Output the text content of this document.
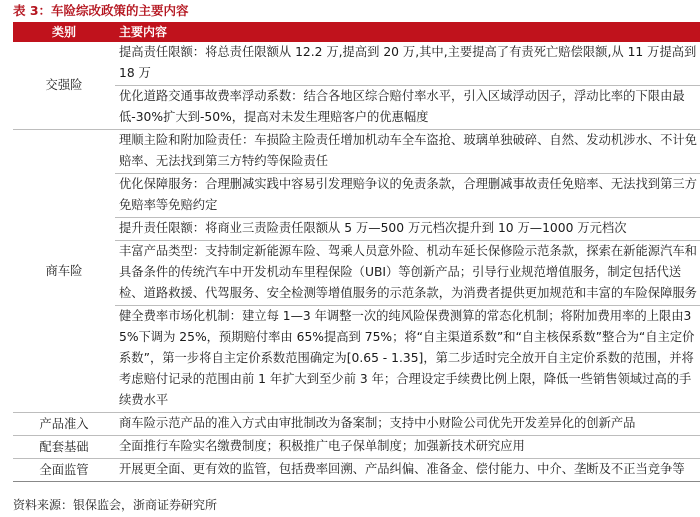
表 3：车险综改政策的主要内容
类别	主要内容
交强险	提高责任限额：将总责任限额从 12.2 万,提高到 20 万,其中,主要提高了有责死亡赔偿限额,从 11 万提高到 18 万
	优化道路交通事故费率浮动系数：结合各地区综合赔付率水平，引入区域浮动因子，浮动比率的下限由最低-30%扩大到-50%，提高对未发生理赔客户的优惠幅度
商车险	理顺主险和附加险责任：车损险主险责任增加机动车全车盗抢、玻璃单独破碎、自然、发动机涉水、不计免赔率、无法找到第三方特约等保险责任
	优化保障服务：合理删减实践中容易引发理赔争议的免责条款，合理删减事故责任免赔率、无法找到第三方免赔率等免赔约定
	提升责任限额：将商业三责险责任限额从 5 万—500 万元档次提升到 10 万—1000 万元档次
	丰富产品类型：支持制定新能源车险、驾乘人员意外险、机动车延长保修险示范条款，探索在新能源汽车和具备条件的传统汽车中开发机动车里程保险（UBI）等创新产品；引导行业规范增值服务，制定包括代送检、道路救援、代驾服务、安全检测等增值服务的示范条款，为消费者提供更加规范和丰富的车险保障服务
	健全费率市场化机制：建立每 1—3 年调整一次的纯风险保费测算的常态化机制；将附加费用率的上限由35%下调为 25%，预期赔付率由 65%提高到 75%；将“自主渠道系数”和“自主核保系数”整合为“自主定价系数”，第一步将自主定价系数范围确定为[0.65 - 1.35]，第二步适时完全放开自主定价系数的范围，并将考虑赔付记录的范围由前 1 年扩大到至少前 3 年；合理设定手续费比例上限，降低一些销售领域过高的手续费水平
产品准入	商车险示范产品的准入方式由审批制改为备案制；支持中小财险公司优先开发差异化的创新产品
配套基础	全面推行车险实名缴费制度；积极推广电子保单制度；加强新技术研究应用
全面监管	开展更全面、更有效的监管，包括费率回溯、产品纠偏、准备金、偿付能力、中介、垄断及不正当竞争等
资料来源：银保监会，浙商证券研究所
